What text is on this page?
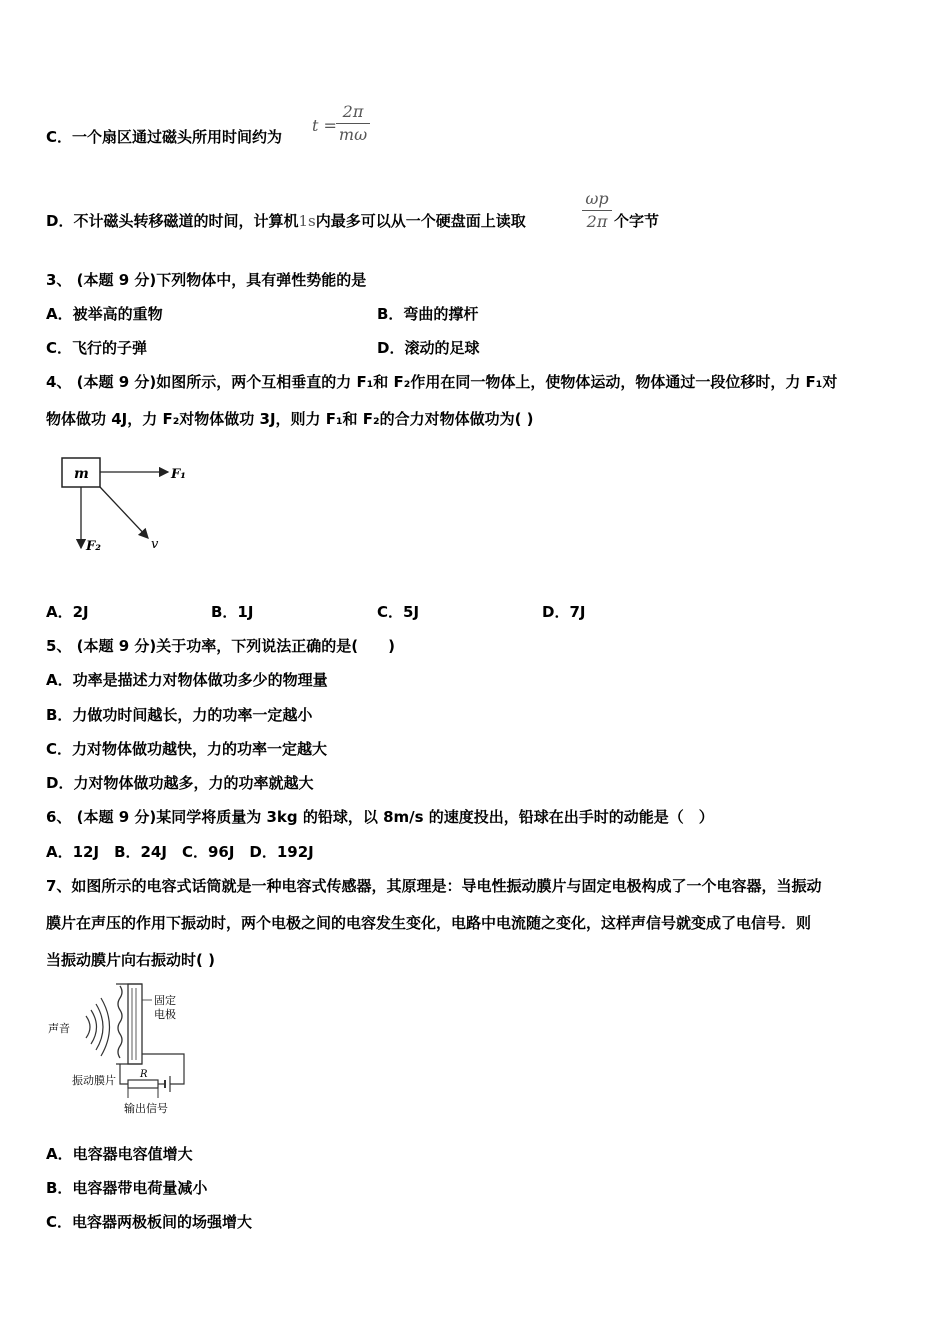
C．一个扇区通过磁头所用时间约为
t =
2π
mω
D．不计磁头转移磁道的时间，计算机1s内最多可以从一个硬盘面上读取
ωp
2π 个字节
3、 (本题 9 分)下列物体中，具有弹性势能的是
A．被举高的重物	B．弯曲的撑杆
C．飞行的子弹	D．滚动的足球
4、 (本题 9 分)如图所示，两个互相垂直的力 F₁和 F₂作用在同一物体上，使物体运动，物体通过一段位移时，力 F₁对
物体做功 4J，力 F₂对物体做功 3J，则力 F₁和 F₂的合力对物体做功为( )
m	F₁
F₂	v
A．2J	B．1J	C．5J	D．7J
5、 (本题 9 分)关于功率，下列说法正确的是(　　)
A．功率是描述力对物体做功多少的物理量
B．力做功时间越长，力的功率一定越小
C．力对物体做功越快，力的功率一定越大
D．力对物体做功越多，力的功率就越大
6、 (本题 9 分)某同学将质量为 3kg 的铅球，以 8m/s 的速度投出，铅球在出手时的动能是（　）
A．12J　B．24J　C．96J　D．192J
7、如图所示的电容式话筒就是一种电容式传感器，其原理是：导电性振动膜片与固定电极构成了一个电容器，当振动
膜片在声压的作用下振动时，两个电极之间的电容发生变化，电路中电流随之变化，这样声信号就变成了电信号．则
当振动膜片向右振动时( )
声音
固定
电极
R
振动膜片
输出信号
A．电容器电容值增大
B．电容器带电荷量减小
C．电容器两极板间的场强增大
